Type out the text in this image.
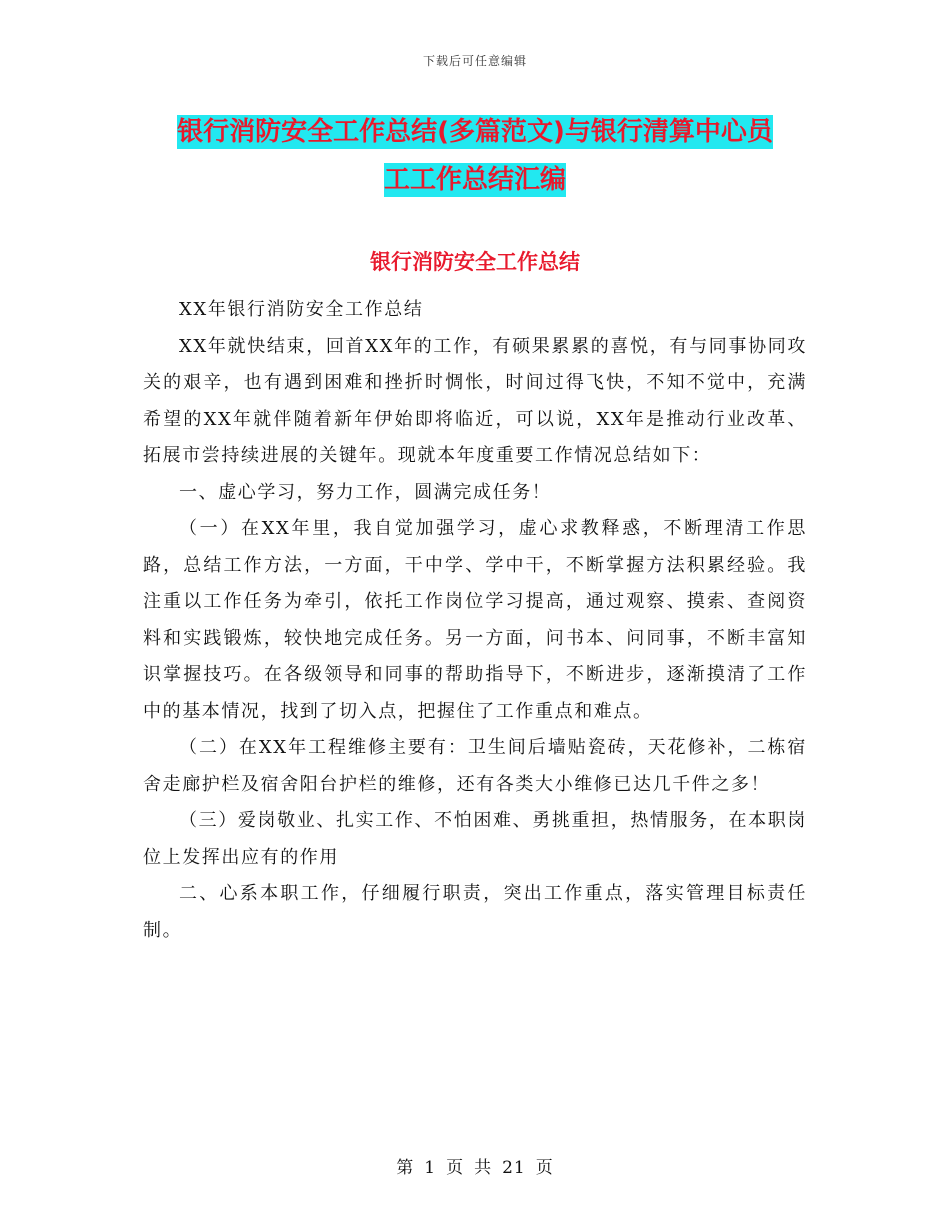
下载后可任意编辑
银行消防安全工作总结(多篇范文)与银行清算中心员
工工作总结汇编
银行消防安全工作总结

XX年银行消防安全工作总结

XX年就快结束，回首XX年的工作，有硕果累累的喜悦，有与同事协同攻关的艰辛，也有遇到困难和挫折时惆怅，时间过得飞快，不知不觉中，充满希望的XX年就伴随着新年伊始即将临近，可以说，XX年是推动行业改革、拓展市尝持续进展的关键年。现就本年度重要工作情况总结如下：

一、虚心学习，努力工作，圆满完成任务！

（一）在XX年里，我自觉加强学习，虚心求教释惑，不断理清工作思路，总结工作方法，一方面，干中学、学中干，不断掌握方法积累经验。我注重以工作任务为牵引，依托工作岗位学习提高，通过观察、摸索、查阅资料和实践锻炼，较快地完成任务。另一方面，问书本、问同事，不断丰富知识掌握技巧。在各级领导和同事的帮助指导下，不断进步，逐渐摸清了工作中的基本情况，找到了切入点，把握住了工作重点和难点。

（二）在XX年工程维修主要有：卫生间后墙贴瓷砖，天花修补，二栋宿舍走廊护栏及宿舍阳台护栏的维修，还有各类大小维修已达几千件之多！

（三）爱岗敬业、扎实工作、不怕困难、勇挑重担，热情服务，在本职岗位上发挥出应有的作用

二、心系本职工作，仔细履行职责，突出工作重点，落实管理目标责任制。

第 1 页 共 21 页
